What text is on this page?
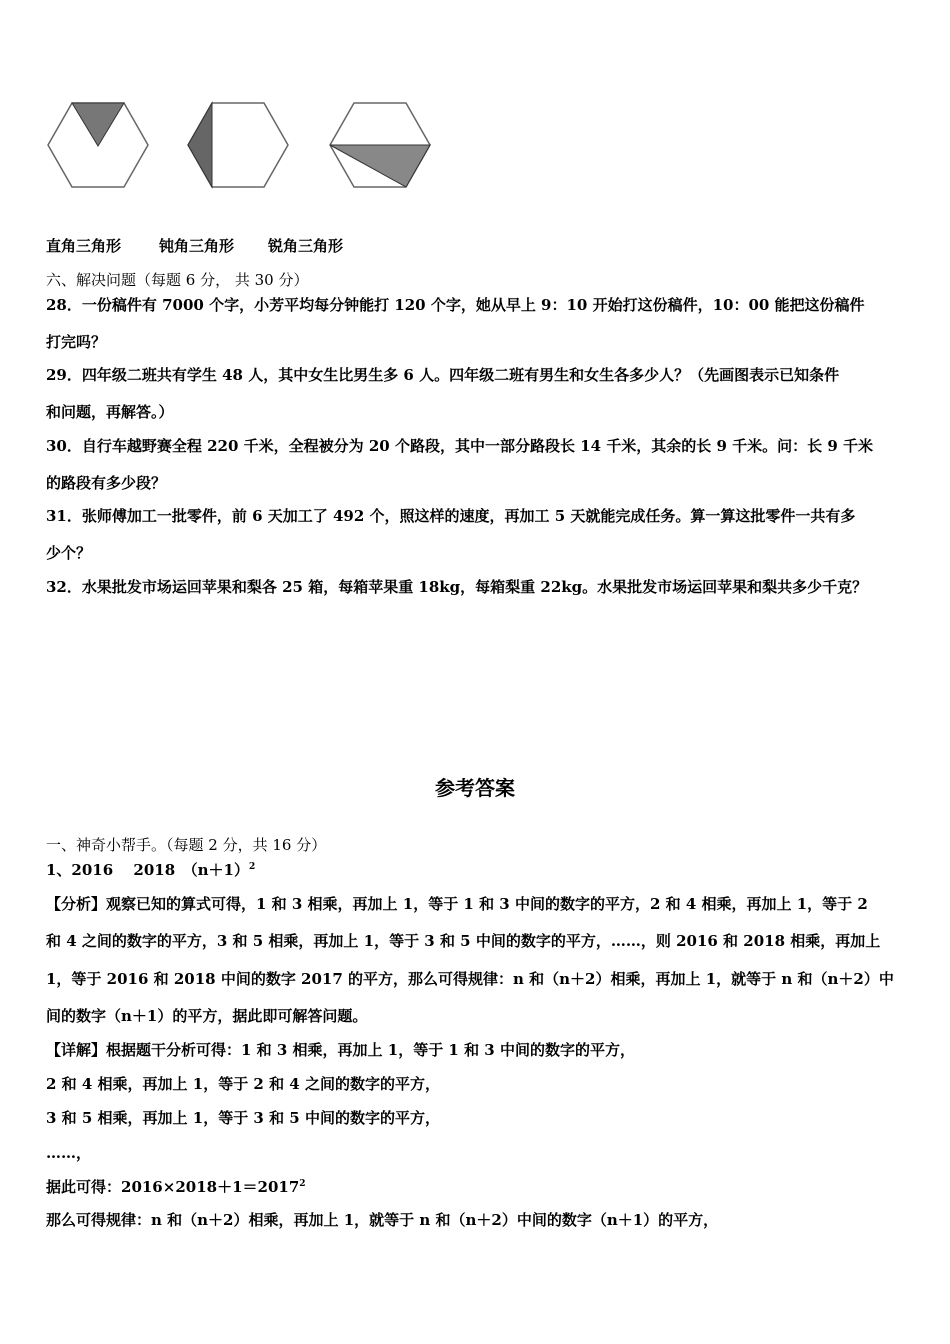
直角三角形	钝角三角形 锐角三角形
六、解决问题（每题 6 分， 共 30 分）
28．一份稿件有 7000 个字，小芳平均每分钟能打 120 个字，她从早上 9：10 开始打这份稿件，10：00 能把这份稿件
打完吗？
29．四年级二班共有学生 48 人，其中女生比男生多 6 人。四年级二班有男生和女生各多少人？（先画图表示已知条件
和问题，再解答。）
30．自行车越野赛全程 220 千米，全程被分为 20 个路段，其中一部分路段长 14 千米，其余的长 9 千米。问：长 9 千米
的路段有多少段？
31．张师傅加工一批零件，前 6 天加工了 492 个，照这样的速度，再加工 5 天就能完成任务。算一算这批零件一共有多
少个？
32．水果批发市场运回苹果和梨各 25 箱，每箱苹果重 18kg，每箱梨重 22kg。水果批发市场运回苹果和梨共多少千克？
参考答案
一、神奇小帮手。（每题 2 分，共 16 分）
1、2016　 2018　$(n+1)^2$
【分析】观察已知的算式可得，1 和 3 相乘，再加上 1，等于 1 和 3 中间的数字的平方，2 和 4 相乘，再加上 1，等于 2
和 4 之间的数字的平方，3 和 5 相乘，再加上 1，等于 3 和 5 中间的数字的平方，……，则 2016 和 2018 相乘，再加上
1，等于 2016 和 2018 中间的数字 2017 的平方，那么可得规律：n 和（n＋2）相乘，再加上 1，就等于 n 和（n＋2）中
间的数字（n＋1）的平方，据此即可解答问题。
【详解】根据题干分析可得：1 和 3 相乘，再加上 1，等于 1 和 3 中间的数字的平方，
2 和 4 相乘，再加上 1，等于 2 和 4 之间的数字的平方，
3 和 5 相乘，再加上 1，等于 3 和 5 中间的数字的平方，
……，
据此可得：$2016\times 2018+1=2017^2$
那么可得规律：n 和（n＋2）相乘，再加上 1，就等于 n 和（n＋2）中间的数字（n＋1）的平方，
